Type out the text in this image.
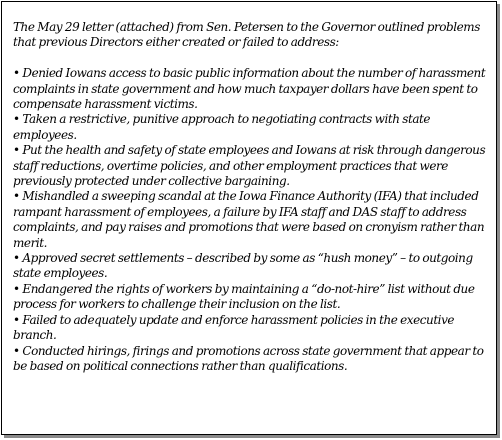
The May 29 letter (attached) from Sen. Petersen to the Governor outlined problems that previous Directors either created or failed to address:

• Denied Iowans access to basic public information about the number of harassment complaints in state government and how much taxpayer dollars have been spent to compensate harassment victims.
• Taken a restrictive, punitive approach to negotiating contracts with state employees.
• Put the health and safety of state employees and Iowans at risk through dangerous staff reductions, overtime policies, and other employment practices that were previously protected under collective bargaining.
• Mishandled a sweeping scandal at the Iowa Finance Authority (IFA) that included rampant harassment of employees, a failure by IFA staff and DAS staff to address complaints, and pay raises and promotions that were based on cronyism rather than merit.
• Approved secret settlements – described by some as “hush money” – to outgoing state employees.
• Endangered the rights of workers by maintaining a “do-not-hire” list without due process for workers to challenge their inclusion on the list.
• Failed to adequately update and enforce harassment policies in the executive branch.
• Conducted hirings, firings and promotions across state government that appear to be based on political connections rather than qualifications.
